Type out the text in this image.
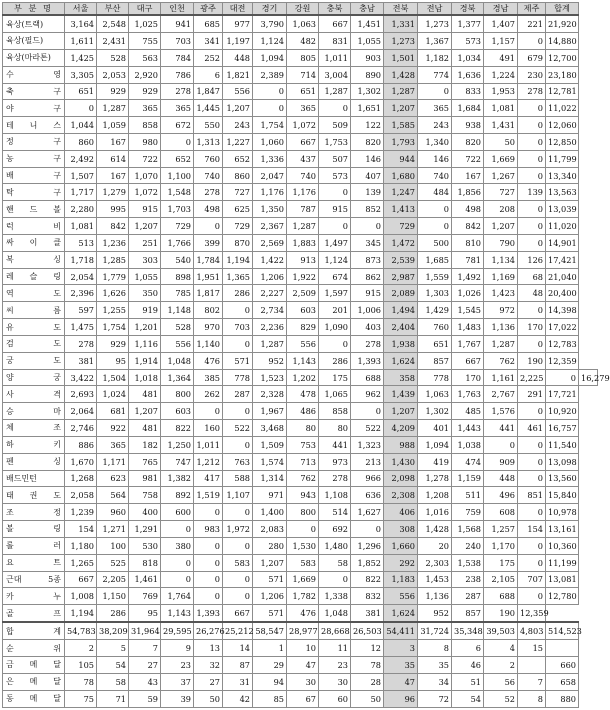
부 분 명	서울	부산	대구	인천	광주	대전	경기	강원	충북	충남	전북	전남	경북	경남	제주	합계	
육상(트랙)	3,164	2,548	1,025	941	685	977	3,790	1,063	667	1,451	1,331	1,273	1,377	1,407	221	21,920	
육상(필드)	1,611	2,431	755	703	341	1,197	1,124	482	831	1,055	1,273	1,367	573	1,157	0	14,880	
육상(마라톤)	1,425	528	563	784	252	448	1,094	805	1,011	903	1,501	1,182	1,034	491	679	12,700	
수 영	3,305	2,053	2,920	786	6	1,821	2,389	714	3,004	890	1,428	774	1,636	1,224	230	23,180	
축 구	651	929	929	278	1,847	556	0	651	1,287	1,302	1,287	0	833	1,953	278	12,781	
야 구	0	1,287	365	365	1,445	1,207	0	365	0	1,651	1,207	365	1,684	1,081	0	11,022	
테 니 스	1,044	1,059	858	672	550	243	1,754	1,072	509	122	1,585	243	938	1,431	0	12,060	
정 구	860	167	980	0	1,313	1,227	1,060	667	1,753	820	1,793	1,340	820	50	0	12,850	
농 구	2,492	614	722	652	760	652	1,336	437	507	146	944	146	722	1,669	0	11,799	
배 구	1,507	167	1,070	1,100	740	860	2,047	740	573	407	1,680	740	167	1,267	0	13,340	
탁 구	1,717	1,279	1,072	1,548	278	727	1,176	1,176	0	139	1,247	484	1,856	727	139	13,563	
핸 드 볼	2,280	995	915	1,703	498	625	1,350	787	915	852	1,413	0	498	208	0	13,039	
럭 비	1,081	842	1,207	729	0	729	2,367	1,287	0	0	729	0	842	1,207	0	11,020	
싸 이 클	513	1,236	251	1,766	399	870	2,569	1,883	1,497	345	1,472	500	810	790	0	14,901	
복 싱	1,718	1,285	303	540	1,784	1,194	1,422	913	1,124	873	2,539	1,685	781	1,134	126	17,421	
레 슬 링	2,054	1,779	1,055	898	1,951	1,365	1,206	1,922	674	862	2,987	1,559	1,492	1,169	68	21,040	
역 도	2,396	1,626	350	785	1,817	286	2,227	2,509	1,597	915	2,089	1,303	1,026	1,423	48	20,400	
씨 름	597	1,255	919	1,148	802	0	2,734	603	201	1,006	1,494	1,429	1,545	972	0	14,398	
유 도	1,475	1,754	1,201	528	970	703	2,236	829	1,090	403	2,404	760	1,483	1,136	170	17,022	
검 도	278	929	1,116	556	1,140	0	1,287	556	0	278	1,938	651	1,767	1,287	0	12,783	
궁 도	381	95	1,914	1,048	476	571	952	1,143	286	1,393	1,624	857	667	762	190	12,359	
양 궁	3,422	1,504	1,018	1,364	385	778	1,523	1,202	175	688	358	778	170	1,161	2,225	0	16,279
사 격	2,693	1,024	481	800	262	287	2,328	478	1,065	962	1,439	1,063	1,763	2,767	291	17,721	
승 마	2,064	681	1,207	603	0	0	1,967	486	858	0	1,207	1,302	485	1,576	0	10,920	
체 조	2,746	922	481	822	160	522	3,468	80	80	522	4,209	401	1,443	441	461	16,757	
하 키	886	365	182	1,250	1,011	0	1,509	753	441	1,323	988	1,094	1,038	0	0	11,540	
펜 싱	1,670	1,171	765	747	1,212	763	1,574	713	973	213	1,430	419	474	909	0	13,098	
배드민턴	1,268	623	981	1,382	417	588	1,314	762	278	966	2,098	1,278	1,159	448	0	13,560	
태 권 도	2,058	564	758	892	1,519	1,107	971	943	1,108	636	2,308	1,208	511	496	851	15,840	
조 정	1,239	960	400	600	0	0	1,400	800	514	1,627	406	1,016	759	608	0	10,978	
볼 링	154	1,271	1,291	0	983	1,972	2,083	0	692	0	308	1,428	1,568	1,257	154	13,161	
롤 러	1,180	100	530	380	0	0	280	1,530	1,480	1,296	1,660	20	240	1,170	0	10,360	
요 트	1,265	525	818	0	0	583	1,207	583	58	1,852	292	2,303	1,538	175	0	11,199	
근대 5종	667	2,205	1,461	0	0	0	571	1,669	0	822	1,183	1,453	238	2,105	707	13,081	
카 누	1,008	1,150	769	1,764	0	0	1,206	1,782	1,338	832	556	1,136	287	688	0	12,780	
골 프	1,194	286	95	1,143	1,393	667	571	476	1,048	381	1,624	952	857	190	12,359		
합 계	54,783	38,209	31,964	29,595	26,276	25,212	58,547	28,977	28,668	26,503	54,411	31,724	35,348	39,503	4,803	514,523	
순 위	2	5	7	9	13	14	1	10	11	12	3	8	6	4	15		
금 메 달	105	54	27	23	32	87	29	47	23	78	35	35	46	2		660	
은 메 달	78	58	43	37	27	31	94	30	30	28	47	34	51	56	7	658	
동 메 달	75	71	59	39	50	42	85	67	60	50	96	72	54	52	8	880	
